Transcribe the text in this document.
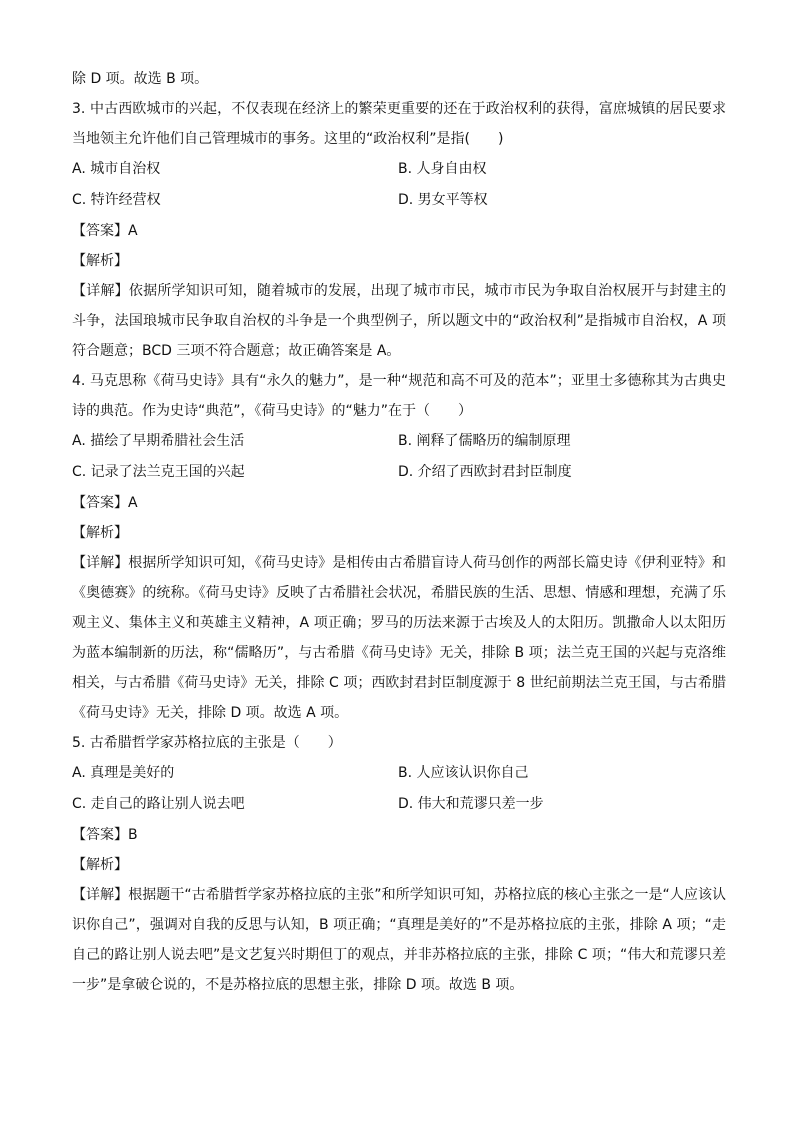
除 D 项。故选 B 项。
3. 中古西欧城市的兴起，不仅表现在经济上的繁荣更重要的还在于政治权利的获得，富庶城镇的居民要求当地领主允许他们自己管理城市的事务。这里的“政治权利”是指(　　)
A. 城市自治权	B. 人身自由权
C. 特许经营权	D. 男女平等权
【答案】A
【解析】
【详解】依据所学知识可知，随着城市的发展，出现了城市市民，城市市民为争取自治权展开与封建主的斗争，法国琅城市民争取自治权的斗争是一个典型例子，所以题文中的“政治权利”是指城市自治权，A 项符合题意；BCD 三项不符合题意；故正确答案是 A。
4. 马克思称《荷马史诗》具有“永久的魅力”，是一种“规范和高不可及的范本”；亚里士多德称其为古典史诗的典范。作为史诗“典范”，《荷马史诗》的“魅力”在于（　　）
A. 描绘了早期希腊社会生活	B. 阐释了儒略历的编制原理
C. 记录了法兰克王国的兴起	D. 介绍了西欧封君封臣制度
【答案】A
【解析】
【详解】根据所学知识可知，《荷马史诗》是相传由古希腊盲诗人荷马创作的两部长篇史诗《伊利亚特》和《奥德赛》的统称。《荷马史诗》反映了古希腊社会状况，希腊民族的生活、思想、情感和理想，充满了乐观主义、集体主义和英雄主义精神，A 项正确；罗马的历法来源于古埃及人的太阳历。凯撒命人以太阳历为蓝本编制新的历法，称“儒略历”，与古希腊《荷马史诗》无关，排除 B 项；法兰克王国的兴起与克洛维相关，与古希腊《荷马史诗》无关，排除 C 项；西欧封君封臣制度源于 8 世纪前期法兰克王国，与古希腊《荷马史诗》无关，排除 D 项。故选 A 项。
5. 古希腊哲学家苏格拉底的主张是（　　）
A. 真理是美好的	B. 人应该认识你自己
C. 走自己的路让别人说去吧	D. 伟大和荒谬只差一步
【答案】B
【解析】
【详解】根据题干“古希腊哲学家苏格拉底的主张”和所学知识可知，苏格拉底的核心主张之一是“人应该认识你自己”，强调对自我的反思与认知，B 项正确；“真理是美好的”不是苏格拉底的主张，排除 A 项；“走自己的路让别人说去吧”是文艺复兴时期但丁的观点，并非苏格拉底的主张，排除 C 项；“伟大和荒谬只差一步”是拿破仑说的，不是苏格拉底的思想主张，排除 D 项。故选 B 项。
